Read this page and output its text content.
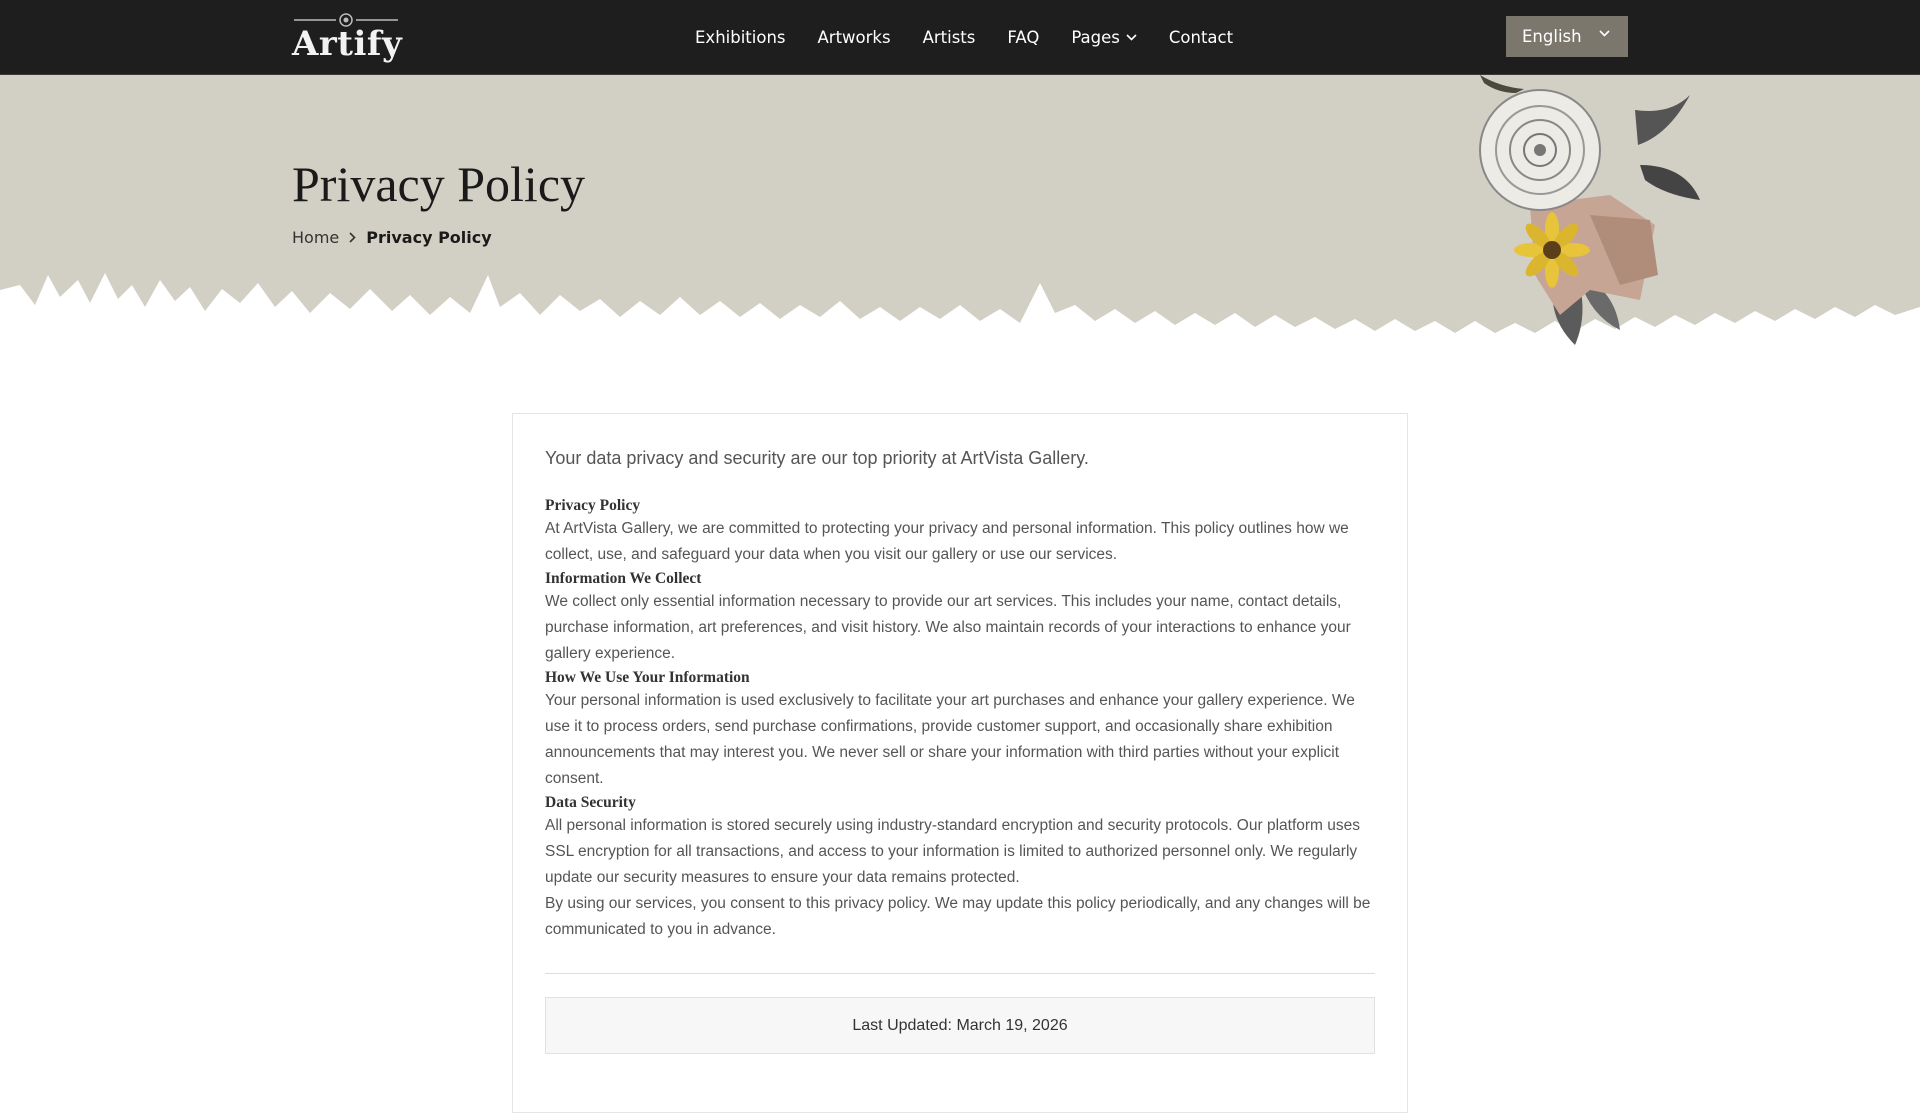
Artify	Exhibitions Artworks Artists FAQ Pages	Contact	English
Privacy Policy
Home Privacy Policy

Your data privacy and security are our top priority at ArtVista Gallery.

Privacy Policy

At ArtVista Gallery, we are committed to protecting your privacy and personal information. This policy outlines how we collect, use, and safeguard your data when you visit our gallery or use our services.

Information We Collect

We collect only essential information necessary to provide our art services. This includes your name, contact details, purchase information, art preferences, and visit history. We also maintain records of your interactions to enhance your gallery experience.

How We Use Your Information

Your personal information is used exclusively to facilitate your art purchases and enhance your gallery experience. We use it to process orders, send purchase confirmations, provide customer support, and occasionally share exhibition announcements that may interest you. We never sell or share your information with third parties without your explicit consent.

Data Security

All personal information is stored securely using industry-standard encryption and security protocols. Our platform uses SSL encryption for all transactions, and access to your information is limited to authorized personnel only. We regularly update our security measures to ensure your data remains protected.

By using our services, you consent to this privacy policy. We may update this policy periodically, and any changes will be communicated to you in advance.

Last Updated: March 19, 2026
